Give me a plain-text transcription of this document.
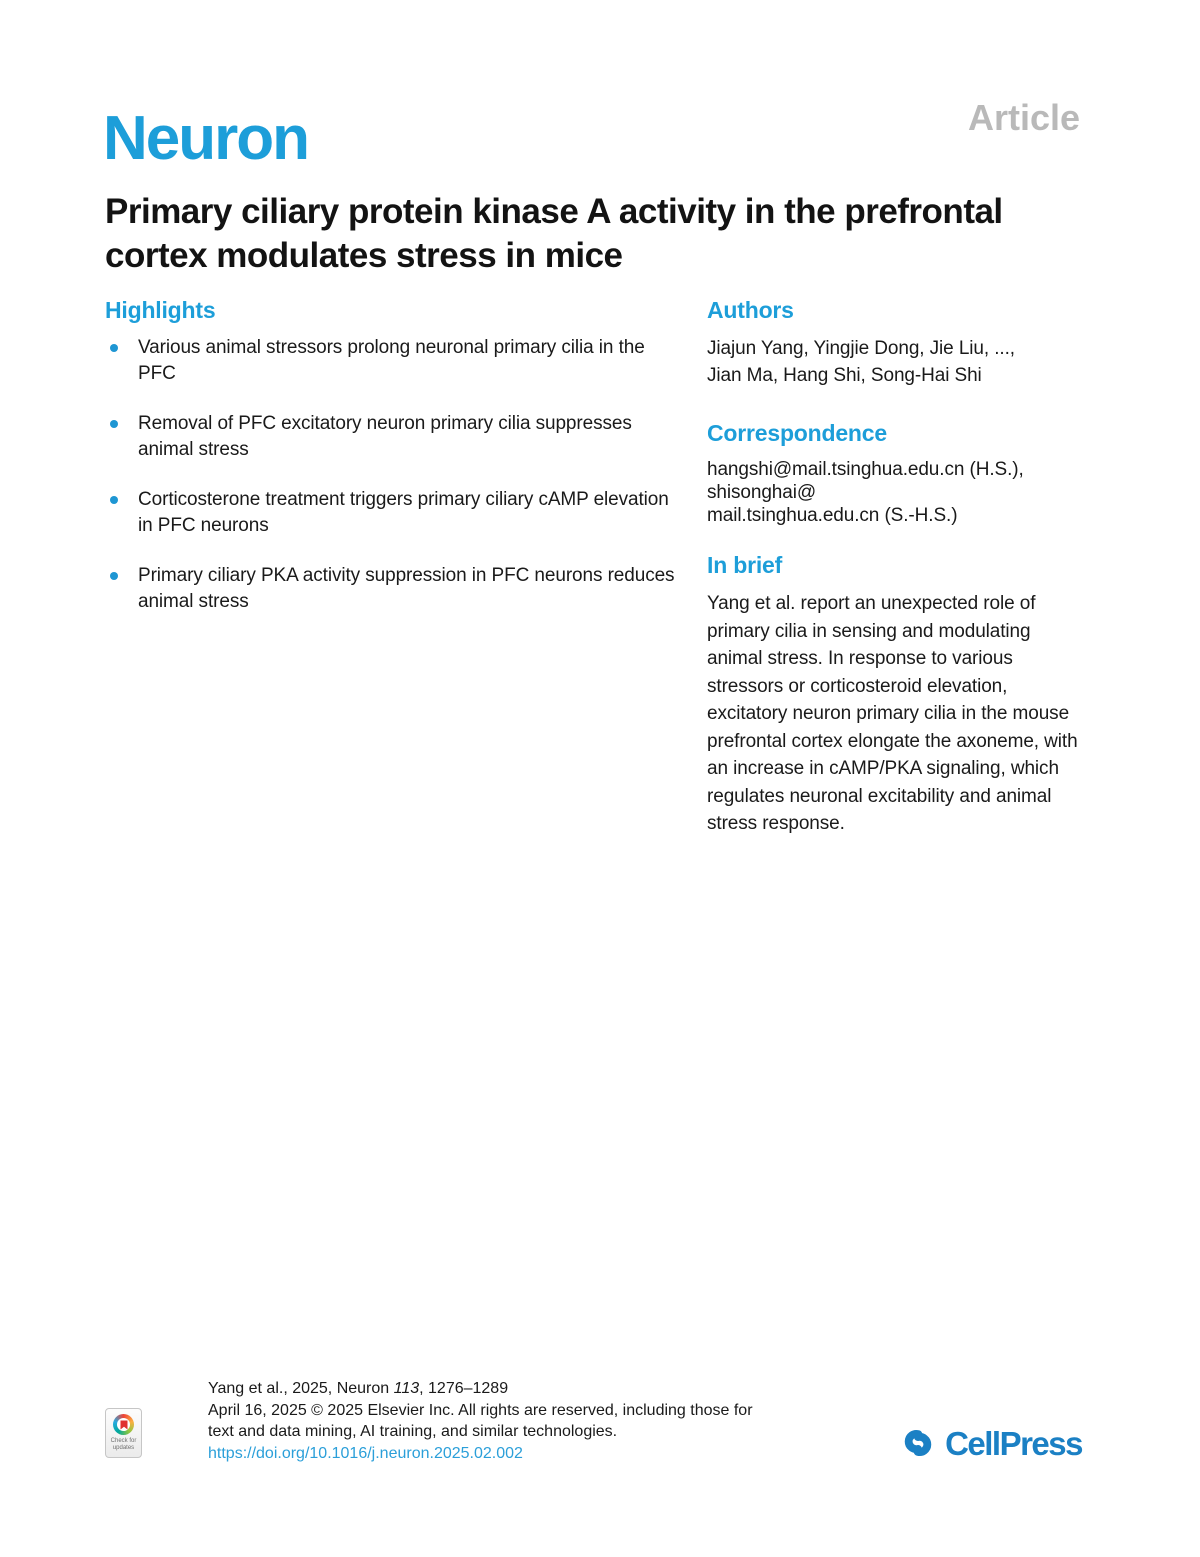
Neuron	Article
Primary ciliary protein kinase A activity in the prefrontal cortex modulates stress in mice
Highlights
Various animal stressors prolong neuronal primary cilia in the PFC
Removal of PFC excitatory neuron primary cilia suppresses animal stress
Corticosterone treatment triggers primary ciliary cAMP elevation in PFC neurons
Primary ciliary PKA activity suppression in PFC neurons reduces animal stress
Authors
Jiajun Yang, Yingjie Dong, Jie Liu, ...,
Jian Ma, Hang Shi, Song-Hai Shi
Correspondence
hangshi@mail.tsinghua.edu.cn (H.S.),
shisonghai@
mail.tsinghua.edu.cn (S.-H.S.)
In brief

Yang et al. report an unexpected role of primary cilia in sensing and modulating animal stress. In response to various stressors or corticosteroid elevation, excitatory neuron primary cilia in the mouse prefrontal cortex elongate the axoneme, with an increase in cAMP/PKA signaling, which regulates neuronal excitability and animal stress response.

Check for updates
Yang et al., 2025, Neuron 113, 1276–1289
April 16, 2025 © 2025 Elsevier Inc. All rights are reserved, including those for
text and data mining, AI training, and similar technologies.
https://doi.org/10.1016/j.neuron.2025.02.002	CellPress
